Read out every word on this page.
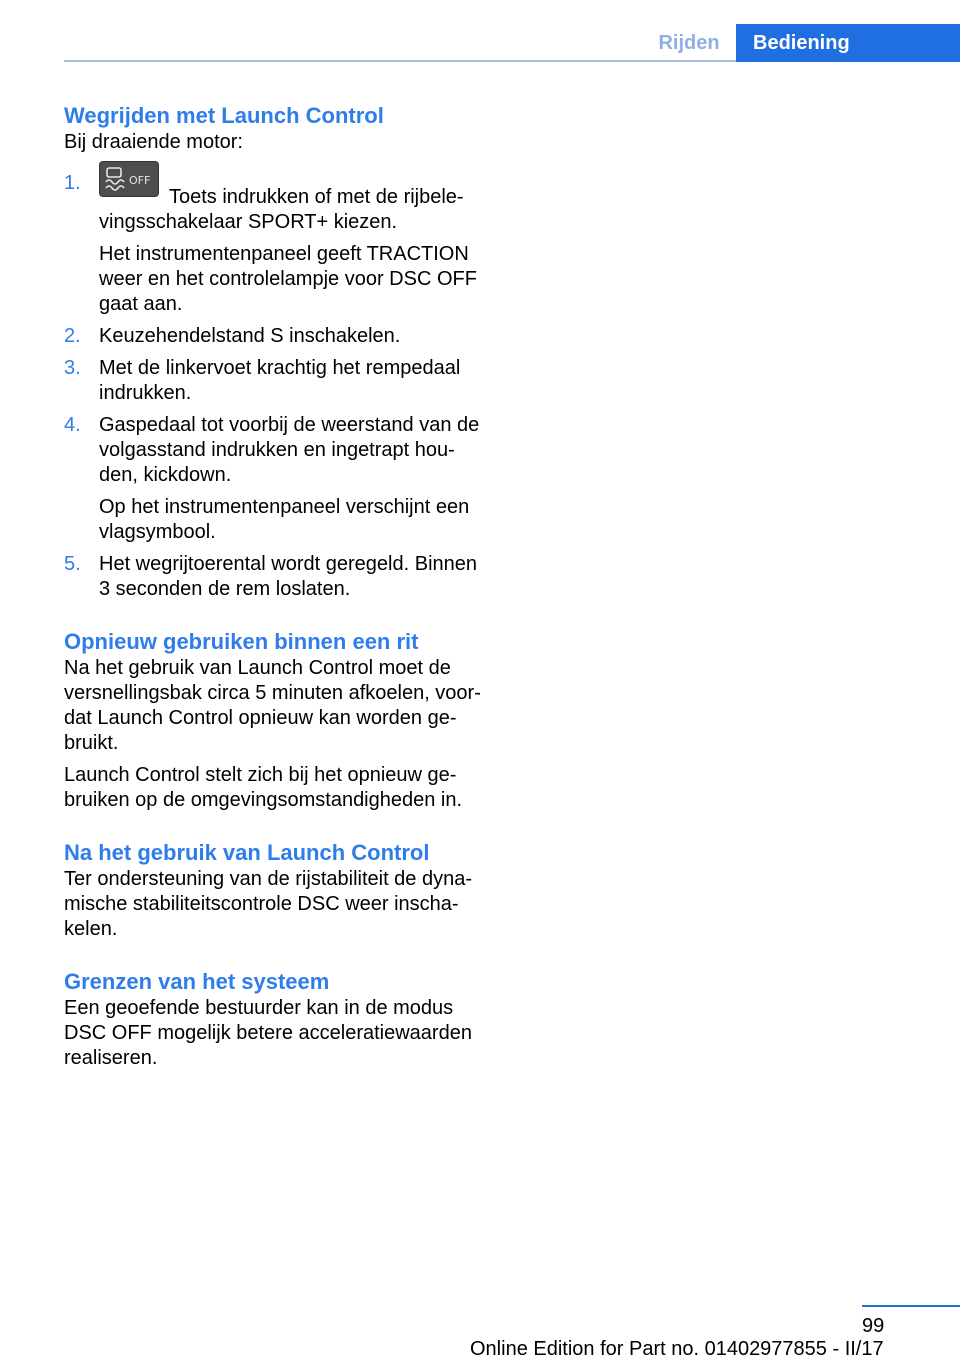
Rijden	Bediening
Wegrijden met Launch Control

Bij draaiende motor:

1.	OFF
Toets indrukken of met de rijbele-
vingsschakelaar SPORT+ kiezen.
Het instrumentenpaneel geeft TRACTION weer en het controlelampje voor DSC OFF gaat aan.
2. Keuzehendelstand S inschakelen.
3. Met de linkervoet krachtig het rempedaal indrukken.
4. Gaspedaal tot voorbij de weerstand van de volgasstand indrukken en ingetrapt hou-den, kickdown.
Op het instrumentenpaneel verschijnt een vlagsymbool.
5. Het wegrijtoerental wordt geregeld. Binnen 3 seconden de rem loslaten.
Opnieuw gebruiken binnen een rit

Na het gebruik van Launch Control moet de versnellingsbak circa 5 minuten afkoelen, voor-dat Launch Control opnieuw kan worden ge-bruikt.

Launch Control stelt zich bij het opnieuw ge-bruiken op de omgevingsomstandigheden in.

Na het gebruik van Launch Control

Ter ondersteuning van de rijstabiliteit de dyna-mische stabiliteitscontrole DSC weer inscha-kelen.

Grenzen van het systeem

Een geoefende bestuurder kan in de modus DSC OFF mogelijk betere acceleratiewaarden realiseren.

99
Online Edition for Part no. 01402977855 - II/17
